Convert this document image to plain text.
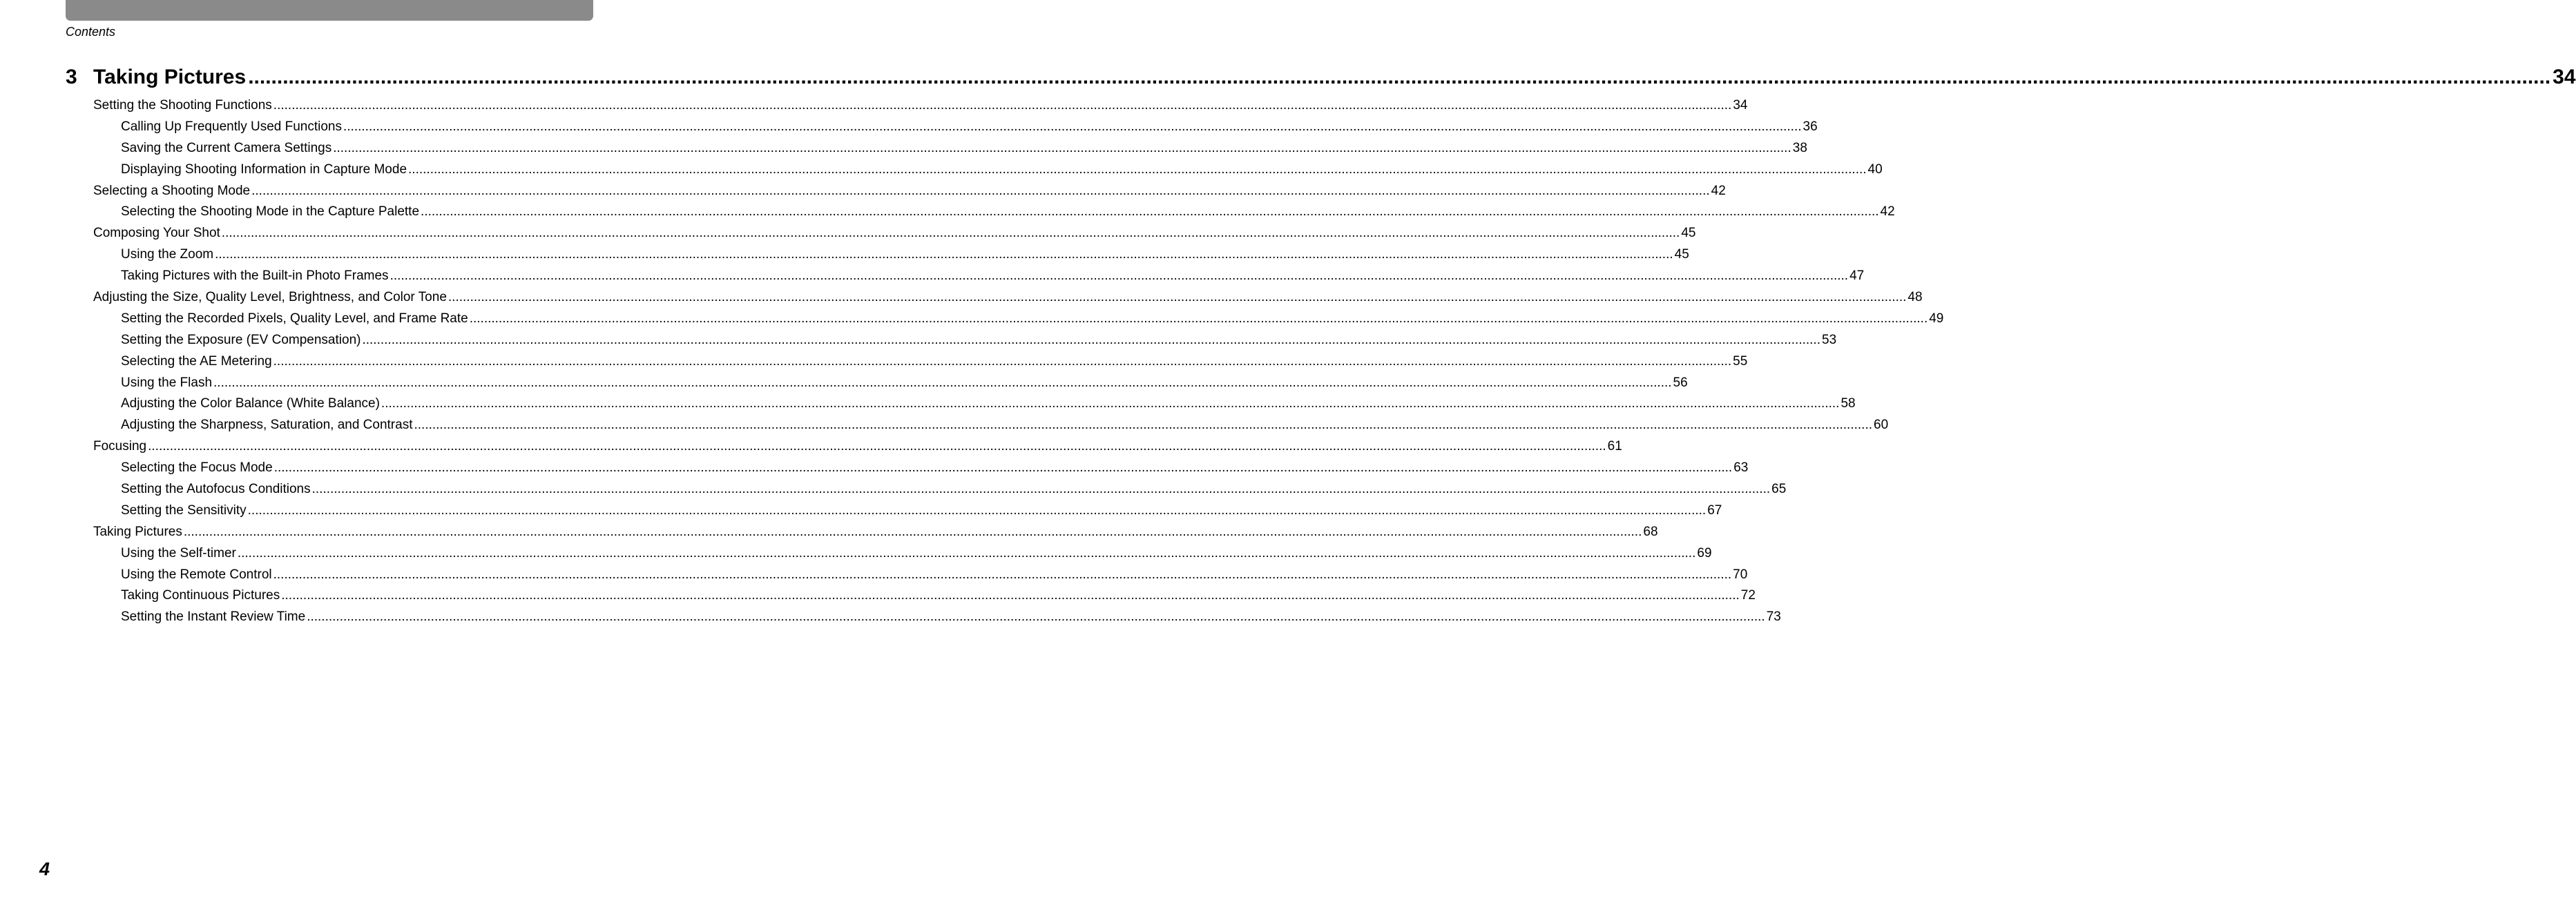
Contents
3 Taking Pictures ................................................................................................................................................................................................................................................................................................................................................................................................................ 34
Setting the Shooting Functions ................................................................................................................................................................................................................................................................................................................................................................................................................ 34
Calling Up Frequently Used Functions ................................................................................................................................................................................................................................................................................................................................................................................................................ 36
Saving the Current Camera Settings ................................................................................................................................................................................................................................................................................................................................................................................................................ 38
Displaying Shooting Information in Capture Mode ................................................................................................................................................................................................................................................................................................................................................................................................................ 40
Selecting a Shooting Mode ................................................................................................................................................................................................................................................................................................................................................................................................................ 42
Selecting the Shooting Mode in the Capture Palette ................................................................................................................................................................................................................................................................................................................................................................................................................ 42
Composing Your Shot ................................................................................................................................................................................................................................................................................................................................................................................................................ 45
Using the Zoom ................................................................................................................................................................................................................................................................................................................................................................................................................ 45
Taking Pictures with the Built-in Photo Frames ................................................................................................................................................................................................................................................................................................................................................................................................................ 47
Adjusting the Size, Quality Level, Brightness, and Color Tone ................................................................................................................................................................................................................................................................................................................................................................................................................ 48
Setting the Recorded Pixels, Quality Level, and Frame Rate ................................................................................................................................................................................................................................................................................................................................................................................................................ 49
Setting the Exposure (EV Compensation) ................................................................................................................................................................................................................................................................................................................................................................................................................ 53
Selecting the AE Metering ................................................................................................................................................................................................................................................................................................................................................................................................................ 55
Using the Flash ................................................................................................................................................................................................................................................................................................................................................................................................................ 56
Adjusting the Color Balance (White Balance) ................................................................................................................................................................................................................................................................................................................................................................................................................ 58
Adjusting the Sharpness, Saturation, and Contrast ................................................................................................................................................................................................................................................................................................................................................................................................................ 60
Focusing ................................................................................................................................................................................................................................................................................................................................................................................................................ 61
Selecting the Focus Mode ................................................................................................................................................................................................................................................................................................................................................................................................................ 63
Setting the Autofocus Conditions ................................................................................................................................................................................................................................................................................................................................................................................................................ 65
Setting the Sensitivity ................................................................................................................................................................................................................................................................................................................................................................................................................ 67
Taking Pictures ................................................................................................................................................................................................................................................................................................................................................................................................................ 68
Using the Self-timer ................................................................................................................................................................................................................................................................................................................................................................................................................ 69
Using the Remote Control ................................................................................................................................................................................................................................................................................................................................................................................................................ 70
Taking Continuous Pictures ................................................................................................................................................................................................................................................................................................................................................................................................................ 72
Setting the Instant Review Time ................................................................................................................................................................................................................................................................................................................................................................................................................ 73
4
